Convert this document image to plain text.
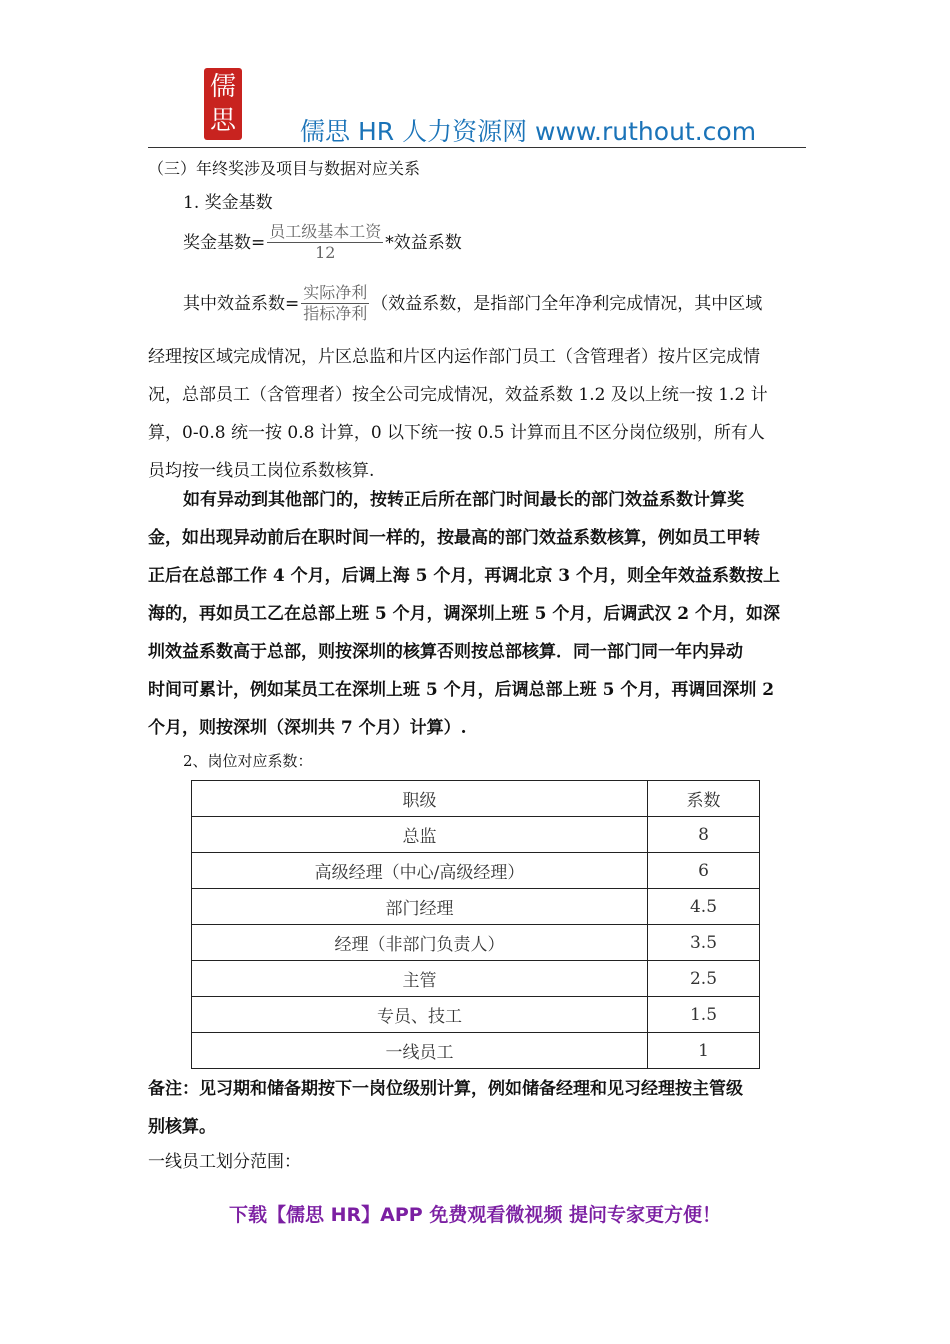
儒
思	儒思 HR 人力资源网 www.ruthout.com
（三）年终奖涉及项目与数据对应关系
1. 奖金基数
奖金基数= $\frac{\text{员工级基本工资}}{12}$ *效益系数
其中效益系数= $\frac{\text{实际净利}}{\text{指标净利}}$ （效益系数，是指部门全年净利完成情况，其中区域
经理按区域完成情况，片区总监和片区内运作部门员工（含管理者）按片区完成情
况，总部员工（含管理者）按全公司完成情况，效益系数 1.2 及以上统一按 1.2 计
算，0-0.8 统一按 0.8 计算，0 以下统一按 0.5 计算而且不区分岗位级别，所有人
员均按一线员工岗位系数核算.
如有异动到其他部门的，按转正后所在部门时间最长的部门效益系数计算奖
金，如出现异动前后在职时间一样的，按最高的部门效益系数核算，例如员工甲转
正后在总部工作 4 个月，后调上海 5 个月，再调北京 3 个月，则全年效益系数按上
海的，再如员工乙在总部上班 5 个月，调深圳上班 5 个月，后调武汉 2 个月，如深
圳效益系数高于总部，则按深圳的核算否则按总部核算．同一部门同一年内异动
时间可累计，例如某员工在深圳上班 5 个月，后调总部上班 5 个月，再调回深圳 2
个月，则按深圳（深圳共 7 个月）计算）.
2、岗位对应系数：
职级	系数
总监	8
高级经理（中心/高级经理）	6
部门经理	4.5
经理（非部门负责人）	3.5
主管	2.5
专员、技工	1.5
一线员工	1
备注：见习期和储备期按下一岗位级别计算，例如储备经理和见习经理按主管级
别核算。
一线员工划分范围：
下载【儒思 HR】APP 免费观看微视频 提问专家更方便！
